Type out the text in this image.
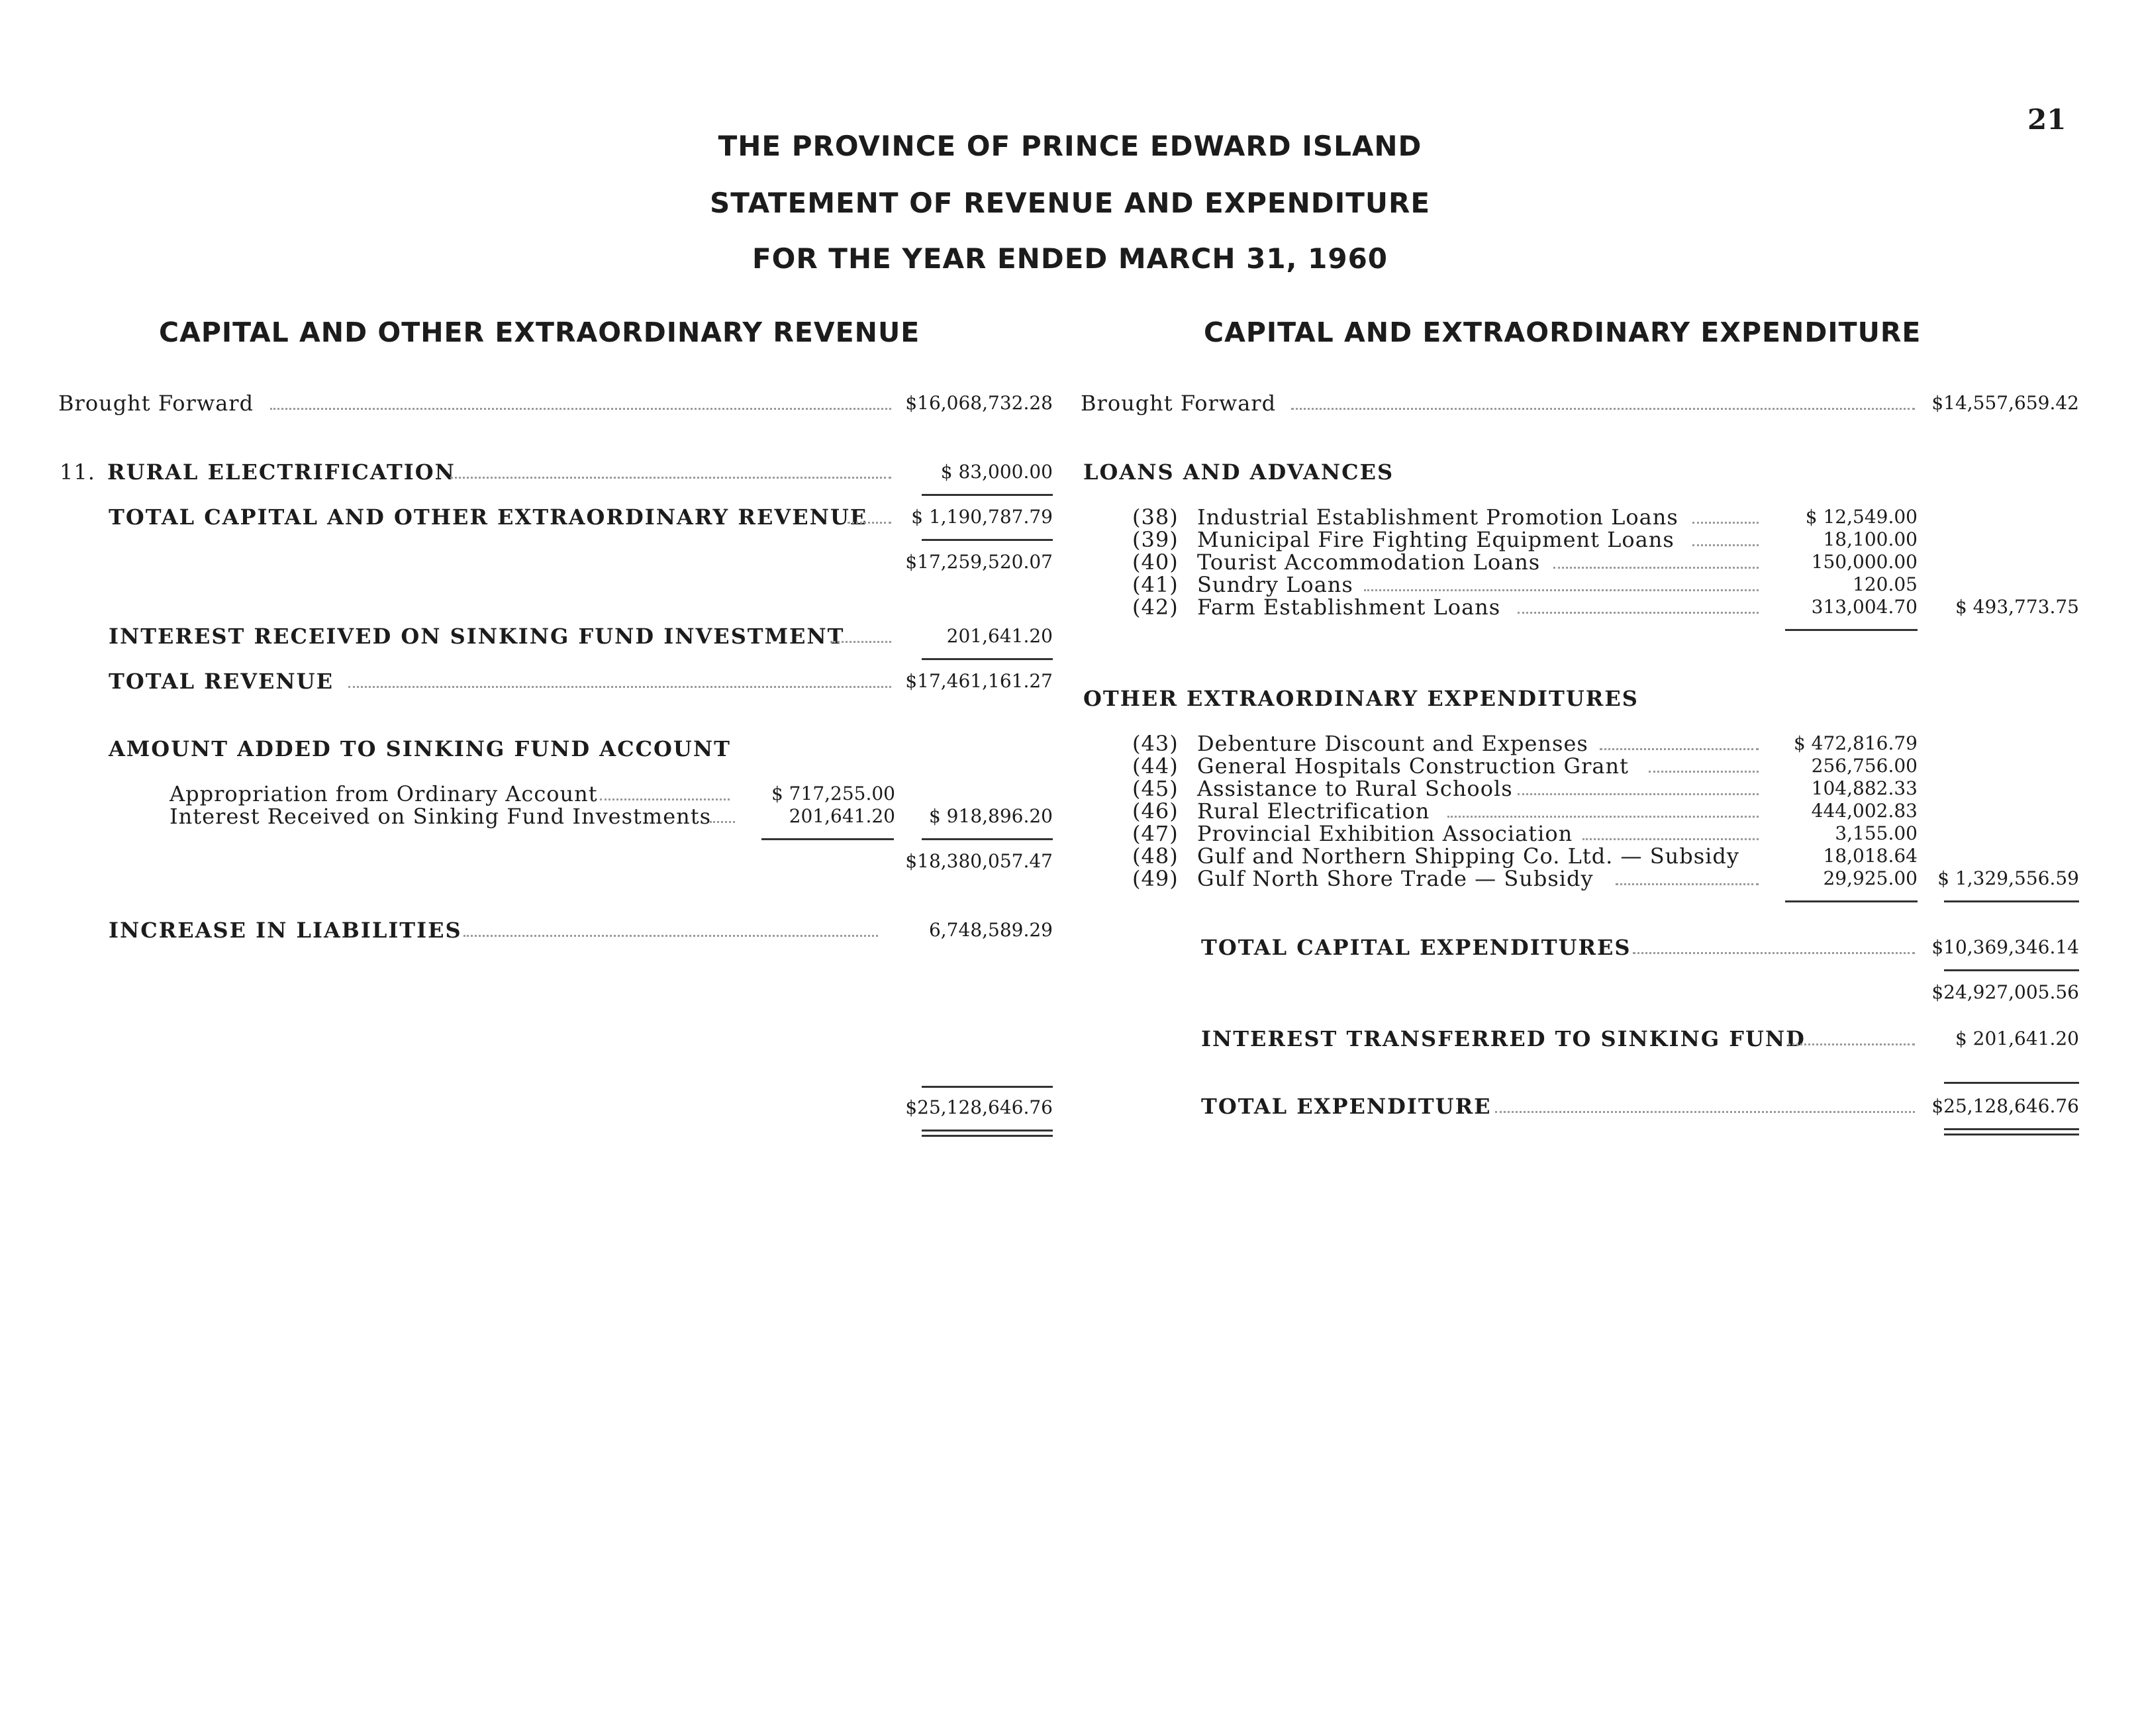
21
THE PROVINCE OF PRINCE EDWARD ISLAND
STATEMENT OF REVENUE AND EXPENDITURE
FOR THE YEAR ENDED MARCH 31, 1960
CAPITAL AND OTHER EXTRAORDINARY REVENUE	CAPITAL AND EXTRAORDINARY EXPENDITURE
Brought Forward	$16,068,732.28
11. RURAL ELECTRIFICATION	$ 83,000.00
TOTAL CAPITAL AND OTHER EXTRAORDINARY REVENUE	$ 1,190,787.79
$17,259,520.07
INTEREST RECEIVED ON SINKING FUND INVESTMENT	201,641.20
TOTAL REVENUE	$17,461,161.27
AMOUNT ADDED TO SINKING FUND ACCOUNT
Appropriation from Ordinary Account	$ 717,255.00
Interest Received on Sinking Fund Investments	201,641.20	$ 918,896.20
$18,380,057.47
INCREASE IN LIABILITIES	6,748,589.29
$25,128,646.76
Brought Forward	$14,557,659.42
LOANS AND ADVANCES
(38) Industrial Establishment Promotion Loans	$ 12,549.00
(39) Municipal Fire Fighting Equipment Loans	18,100.00
(40) Tourist Accommodation Loans	150,000.00
(41) Sundry Loans	120.05
(42) Farm Establishment Loans	313,004.70	$ 493,773.75
OTHER EXTRAORDINARY EXPENDITURES
(43) Debenture Discount and Expenses	$ 472,816.79
(44) General Hospitals Construction Grant	256,756.00
(45) Assistance to Rural Schools	104,882.33
(46) Rural Electrification	444,002.83
(47) Provincial Exhibition Association	3,155.00
(48) Gulf and Northern Shipping Co. Ltd. — Subsidy	18,018.64
(49) Gulf North Shore Trade — Subsidy	29,925.00	$ 1,329,556.59
TOTAL CAPITAL EXPENDITURES	$10,369,346.14
$24,927,005.56
INTEREST TRANSFERRED TO SINKING FUND	$ 201,641.20
TOTAL EXPENDITURE	$25,128,646.76
